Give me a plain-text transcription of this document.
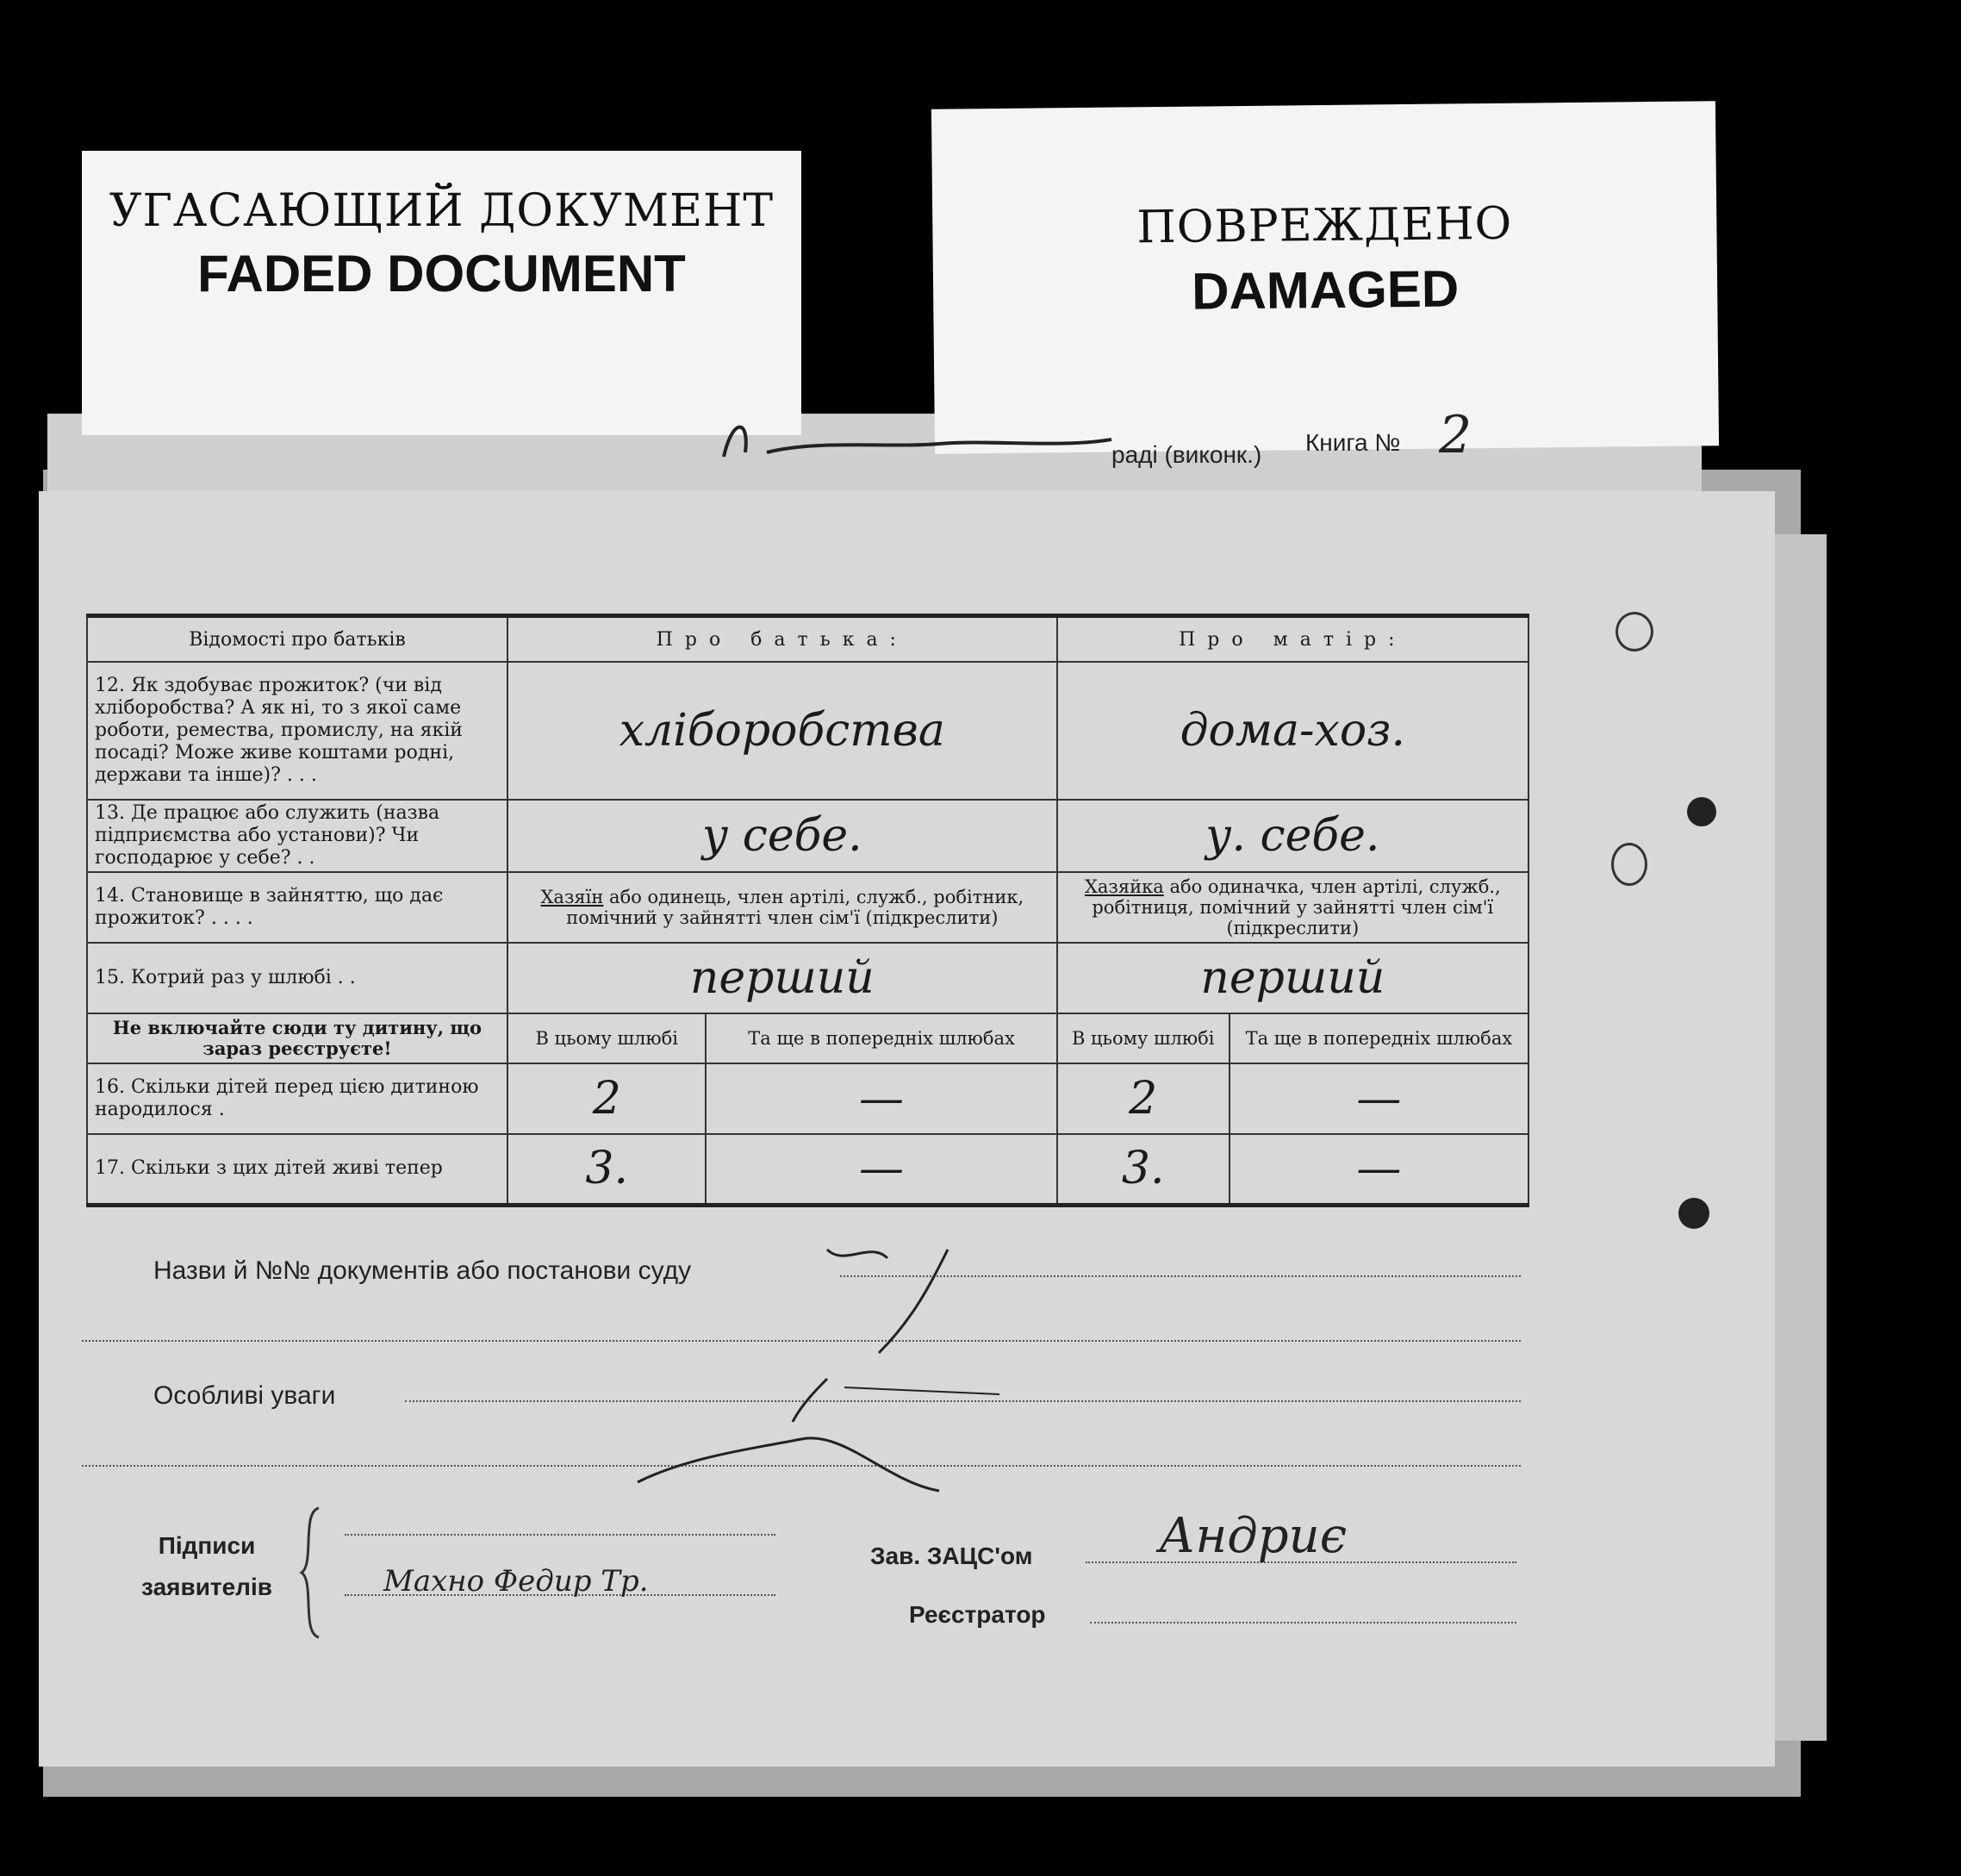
УГАСАЮЩИЙ ДОКУМЕНТ
FADED DOCUMENT
ПОВРЕЖДЕНО
DAMAGED
раді (виконк.) Книга № 2
Відомості про батьків	Про батька:		Про матір:	
12. Як здобуває прожиток? (чи від хліборобства? А як ні, то з якої саме роботи, ремества, промислу, на якій посаді? Може живе коштами родні, держави та інше)? . . .	хліборобства		дома-хоз.	
13. Де працює або служить (назва підприємства або установи)? Чи господарює у себе? . .	у себе.		у. себе.	
14. Становище в зайняттю, що дає прожиток? . . . .	Хазяїн або одинець, член артілі, служб., робітник, помічний у зайнятті член сім'ї (підкреслити)		Хазяйка або одиначка, член артілі, служб., робітниця, помічний у зайнятті член сім'ї (підкреслити)	
15. Котрий раз у шлюбі . .	перший		перший	
Не включайте сюди ту дитину, що зараз реєструєте!	В цьому шлюбі	Та ще в попередніх шлюбах	В цьому шлюбі	Та ще в попередніх шлюбах
16. Скільки дітей перед цією дитиною народилося .	2	—	2	—
17. Скільки з цих дітей живі тепер	3.	—	3.	—
Назви й №№ документів або постанови суду
Особливі уваги
Підписи
заявителів	Махно Федир Тр.
Зав. ЗАЦС'ом	Андриє
Реєстратор
